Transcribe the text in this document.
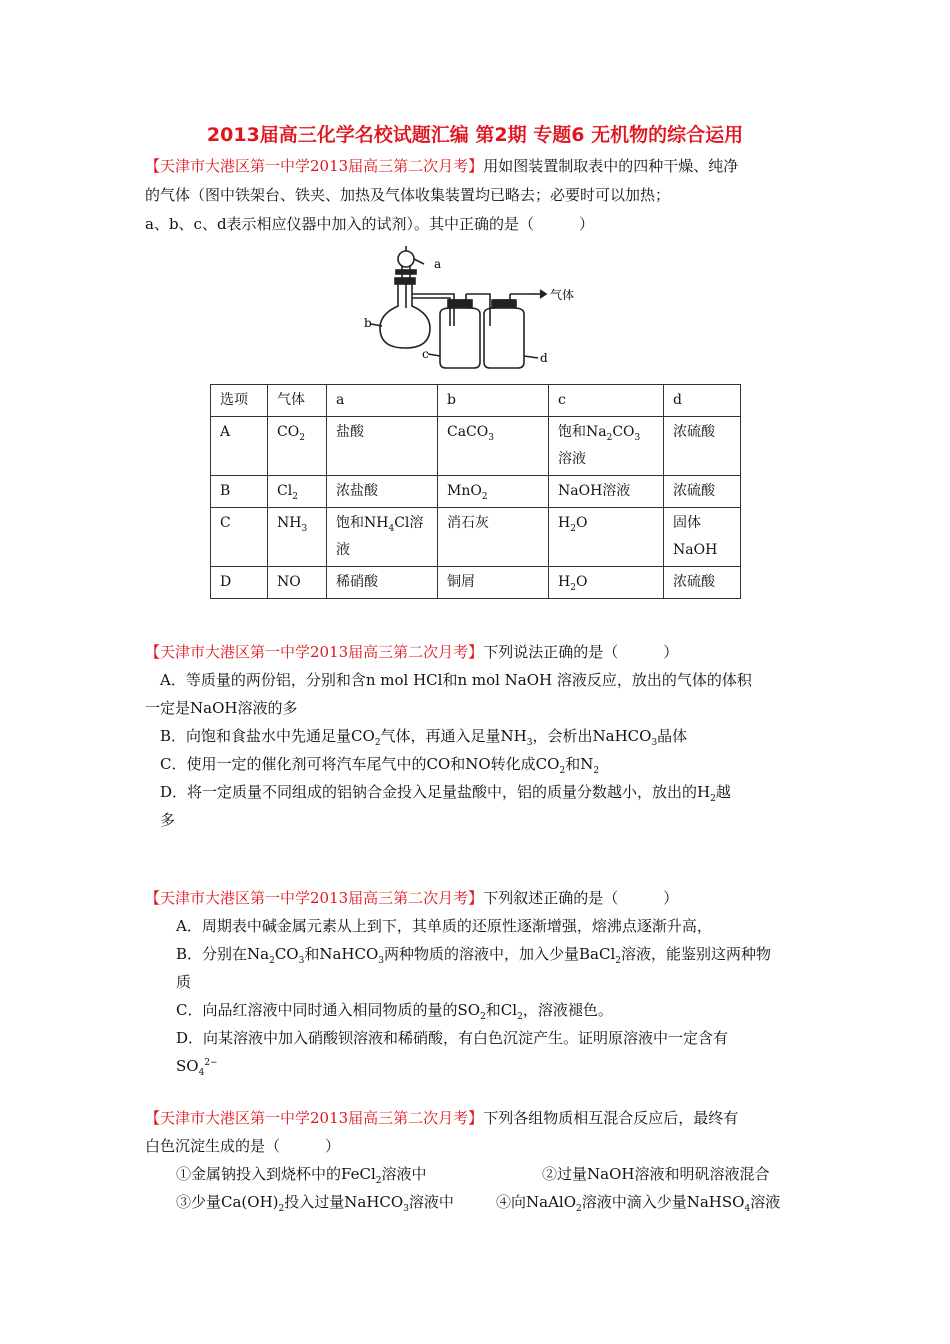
2013届高三化学名校试题汇编 第2期 专题6 无机物的综合运用
【天津市大港区第一中学2013届高三第二次月考】用如图装置制取表中的四种干燥、纯净
的气体（图中铁架台、铁夹、加热及气体收集装置均已略去；必要时可以加热；
a、b、c、d表示相应仪器中加入的试剂）。其中正确的是（　　　）
a
b
c	d
气体
选项	气体	a	b	c	d
A	$CO_2$	盐酸	CaCO$_3$	饱和$Na_2CO_3$
溶液	浓硫酸
B	$Cl_2$	浓盐酸	MnO$_2$	NaOH溶液	浓硫酸
C	$NH_3$	饱和$NH_4Cl$溶
液	消石灰	$H_2O$	固体
NaOH
D	NO	稀硝酸	铜屑	$H_2O$	浓硫酸
【天津市大港区第一中学2013届高三第二次月考】下列说法正确的是（　　　）
A．等质量的两份铝，分别和含n mol HCl和n mol NaOH 溶液反应，放出的气体的体积
一定是NaOH溶液的多
B．向饱和食盐水中先通足量$CO_2$气体，再通入足量$NH_3$，会析出NaHCO$_3$晶体
C．使用一定的催化剂可将汽车尾气中的CO和NO转化成$CO_2$和$N_2$
D．将一定质量不同组成的铝钠合金投入足量盐酸中，铝的质量分数越小，放出的$H_2$越
多
【天津市大港区第一中学2013届高三第二次月考】下列叙述正确的是（　　　）
A．周期表中碱金属元素从上到下，其单质的还原性逐渐增强，熔沸点逐渐升高，
B．分别在$Na_2CO_3$和NaHCO$_3$两种物质的溶液中，加入少量BaCl$_2$溶液，能鉴别这两种物
质
C．向品红溶液中同时通入相同物质的量的$SO_2$和$Cl_2$，溶液褪色。
D．向某溶液中加入硝酸钡溶液和稀硝酸，有白色沉淀产生。证明原溶液中一定含有
$SO_4^{2-}$
【天津市大港区第一中学2013届高三第二次月考】下列各组物质相互混合反应后，最终有
白色沉淀生成的是（　　　）
①金属钠投入到烧杯中的FeCl$_2$溶液中	②过量NaOH溶液和明矾溶液混合
③少量$Ca(OH)_2$投入过量NaHCO$_3$溶液中	④向NaAlO$_2$溶液中滴入少量NaHSO$_4$溶液
